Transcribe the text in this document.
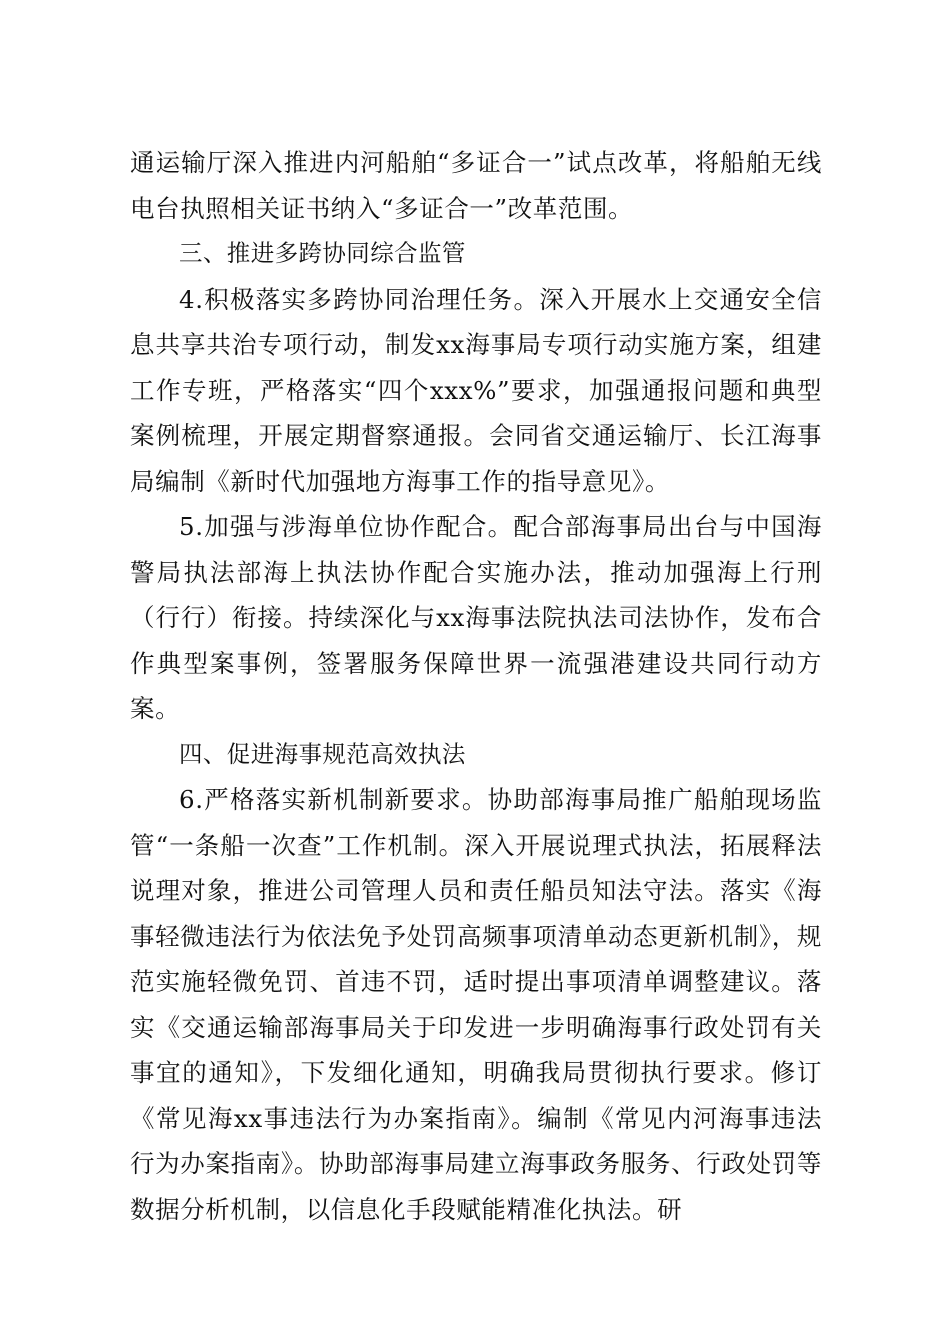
通运输厅深入推进内河船舶“多证合一”试点改革，将船舶无线电台执照相关证书纳入“多证合一”改革范围。

三、推进多跨协同综合监管

4.积极落实多跨协同治理任务。深入开展水上交通安全信息共享共治专项行动，制发xx海事局专项行动实施方案，组建工作专班，严格落实“四个xxx%”要求，加强通报问题和典型案例梳理，开展定期督察通报。会同省交通运输厅、长江海事局编制《新时代加强地方海事工作的指导意见》。

5.加强与涉海单位协作配合。配合部海事局出台与中国海警局执法部海上执法协作配合实施办法，推动加强海上行刑（行行）衔接。持续深化与xx海事法院执法司法协作，发布合作典型案事例，签署服务保障世界一流强港建设共同行动方案。

四、促进海事规范高效执法

6.严格落实新机制新要求。协助部海事局推广船舶现场监管“一条船一次查”工作机制。深入开展说理式执法，拓展释法说理对象，推进公司管理人员和责任船员知法守法。落实《海事轻微违法行为依法免予处罚高频事项清单动态更新机制》，规范实施轻微免罚、首违不罚，适时提出事项清单调整建议。落实《交通运输部海事局关于印发进一步明确海事行政处罚有关事宜的通知》，下发细化通知，明确我局贯彻执行要求。修订《常见海xx事违法行为办案指南》。编制《常见内河海事违法行为办案指南》。协助部海事局建立海事政务服务、行政处罚等数据分析机制，以信息化手段赋能精准化执法。研
